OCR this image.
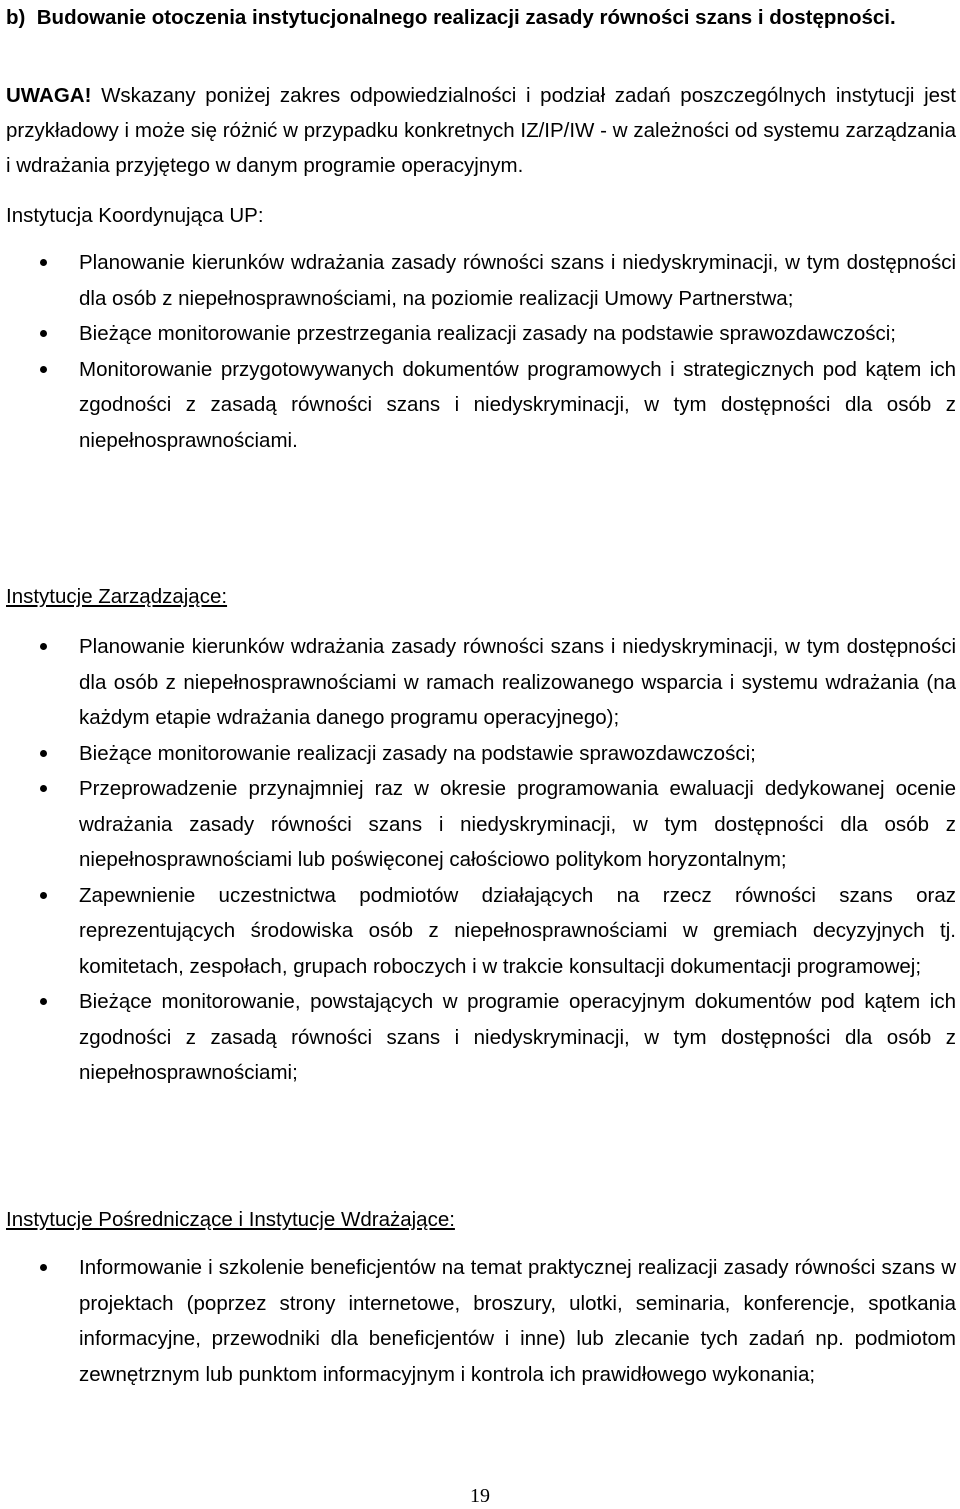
b)  Budowanie otoczenia instytucjonalnego realizacji zasady równości szans i dostępności.
UWAGA! Wskazany poniżej zakres odpowiedzialności i podział zadań poszczególnych instytucji jest przykładowy i może się różnić w przypadku konkretnych IZ/IP/IW - w zależności od systemu zarządzania i wdrażania przyjętego w danym programie operacyjnym.
Instytucja Koordynująca UP:
Planowanie kierunków wdrażania zasady równości szans i niedyskryminacji, w tym dostępności dla osób z niepełnosprawnościami, na poziomie realizacji Umowy Partnerstwa;
Bieżące monitorowanie przestrzegania realizacji zasady na podstawie sprawozdawczości;
Monitorowanie przygotowywanych dokumentów programowych i strategicznych pod kątem ich zgodności z zasadą równości szans i niedyskryminacji, w tym dostępności dla osób z niepełnosprawnościami.
Instytucje Zarządzające:
Planowanie kierunków wdrażania zasady równości szans i niedyskryminacji, w tym dostępności dla osób z niepełnosprawnościami w ramach realizowanego wsparcia i systemu wdrażania (na każdym etapie wdrażania danego programu operacyjnego);
Bieżące monitorowanie realizacji zasady na podstawie sprawozdawczości;
Przeprowadzenie przynajmniej raz w okresie programowania ewaluacji dedykowanej ocenie wdrażania zasady równości szans i niedyskryminacji, w tym dostępności dla osób z niepełnosprawnościami lub poświęconej całościowo politykom horyzontalnym;
Zapewnienie uczestnictwa podmiotów działających na rzecz równości szans oraz reprezentujących środowiska osób z niepełnosprawnościami w gremiach decyzyjnych tj. komitetach, zespołach, grupach roboczych i w trakcie konsultacji dokumentacji programowej;
Bieżące monitorowanie, powstających w programie operacyjnym dokumentów pod kątem ich zgodności z zasadą równości szans i niedyskryminacji, w tym dostępności dla osób z niepełnosprawnościami;
Instytucje Pośredniczące i Instytucje Wdrażające:
Informowanie i szkolenie beneficjentów na temat praktycznej realizacji zasady równości szans w projektach (poprzez strony internetowe, broszury, ulotki, seminaria, konferencje, spotkania informacyjne, przewodniki dla beneficjentów i inne) lub zlecanie tych zadań np. podmiotom zewnętrznym lub punktom informacyjnym i kontrola ich prawidłowego wykonania;
19
